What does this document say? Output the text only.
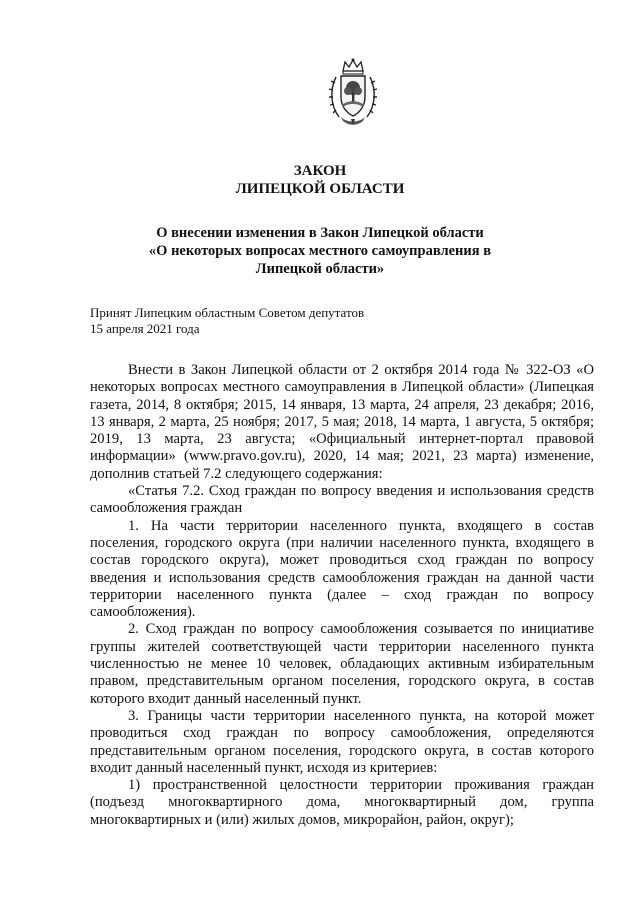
ЗАКОН
ЛИПЕЦКОЙ ОБЛАСТИ
О внесении изменения в Закон Липецкой области
«О некоторых вопросах местного самоуправления в
Липецкой области»
Принят Липецким областным Советом депутатов
15 апреля 2021 года

Внести в Закон Липецкой области от 2 октября 2014 года № 322-ОЗ «О некоторых вопросах местного самоуправления в Липецкой области» (Липецкая газета, 2014, 8 октября; 2015, 14 января, 13 марта, 24 апреля, 23 декабря; 2016, 13 января, 2 марта, 25 ноября; 2017, 5 мая; 2018, 14 марта, 1 августа, 5 октября; 2019, 13 марта, 23 августа; «Официальный интернет-портал правовой информации» (www.pravo.gov.ru), 2020, 14 мая; 2021, 23 марта) изменение, дополнив статьей 7.2 следующего содержания:

«Статья 7.2. Сход граждан по вопросу введения и использования средств самообложения граждан

1. На части территории населенного пункта, входящего в состав поселения, городского округа (при наличии населенного пункта, входящего в состав городского округа), может проводиться сход граждан по вопросу введения и использования средств самообложения граждан на данной части территории населенного пункта (далее – сход граждан по вопросу самообложения).

2. Сход граждан по вопросу самообложения созывается по инициативе группы жителей соответствующей части территории населенного пункта численностью не менее 10 человек, обладающих активным избирательным правом, представительным органом поселения, городского округа, в состав которого входит данный населенный пункт.

3. Границы части территории населенного пункта, на которой может проводиться сход граждан по вопросу самообложения, определяются представительным органом поселения, городского округа, в состав которого входит данный населенный пункт, исходя из критериев:

1) пространственной целостности территории проживания граждан (подъезд многоквартирного дома, многоквартирный дом, группа многоквартирных и (или) жилых домов, микрорайон, район, округ);
